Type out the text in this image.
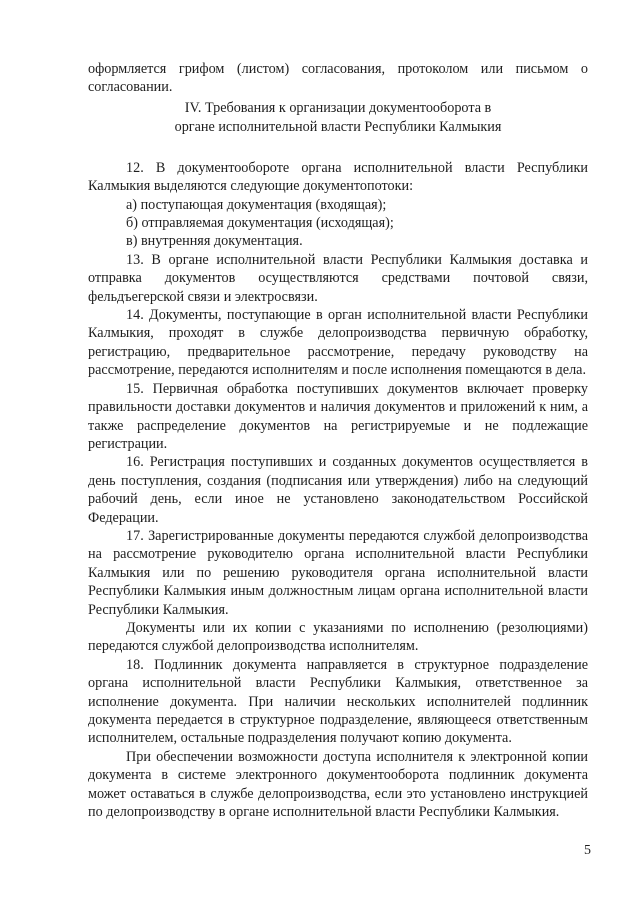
оформляется грифом (листом) согласования, протоколом или письмом о согласовании.

IV. Требования к организации документооборота в
органе исполнительной власти Республики Калмыкия

12. В документообороте органа исполнительной власти Республики Калмыкия выделяются следующие документопотоки:

а) поступающая документация (входящая);

б) отправляемая документация (исходящая);

в) внутренняя документация.

13. В органе исполнительной власти Республики Калмыкия доставка и отправка документов осуществляются средствами почтовой связи, фельдъегерской связи и электросвязи.

14. Документы, поступающие в орган исполнительной власти Республики Калмыкия, проходят в службе делопроизводства первичную обработку, регистрацию, предварительное рассмотрение, передачу руководству на рассмотрение, передаются исполнителям и после исполнения помещаются в дела.

15. Первичная обработка поступивших документов включает проверку правильности доставки документов и наличия документов и приложений к ним, а также распределение документов на регистрируемые и не подлежащие регистрации.

16. Регистрация поступивших и созданных документов осуществляется в день поступления, создания (подписания или утверждения) либо на следующий рабочий день, если иное не установлено законодательством Российской Федерации.

17. Зарегистрированные документы передаются службой делопроизводства на рассмотрение руководителю органа исполнительной власти Республики Калмыкия или по решению руководителя органа исполнительной власти Республики Калмыкия иным должностным лицам органа исполнительной власти Республики Калмыкия.

Документы или их копии с указаниями по исполнению (резолюциями) передаются службой делопроизводства исполнителям.

18. Подлинник документа направляется в структурное подразделение органа исполнительной власти Республики Калмыкия, ответственное за исполнение документа. При наличии нескольких исполнителей подлинник документа передается в структурное подразделение, являющееся ответственным исполнителем, остальные подразделения получают копию документа.

При обеспечении возможности доступа исполнителя к электронной копии документа в системе электронного документооборота подлинник документа может оставаться в службе делопроизводства, если это установлено инструкцией по делопроизводству в органе исполнительной власти Республики Калмыкия.

5
